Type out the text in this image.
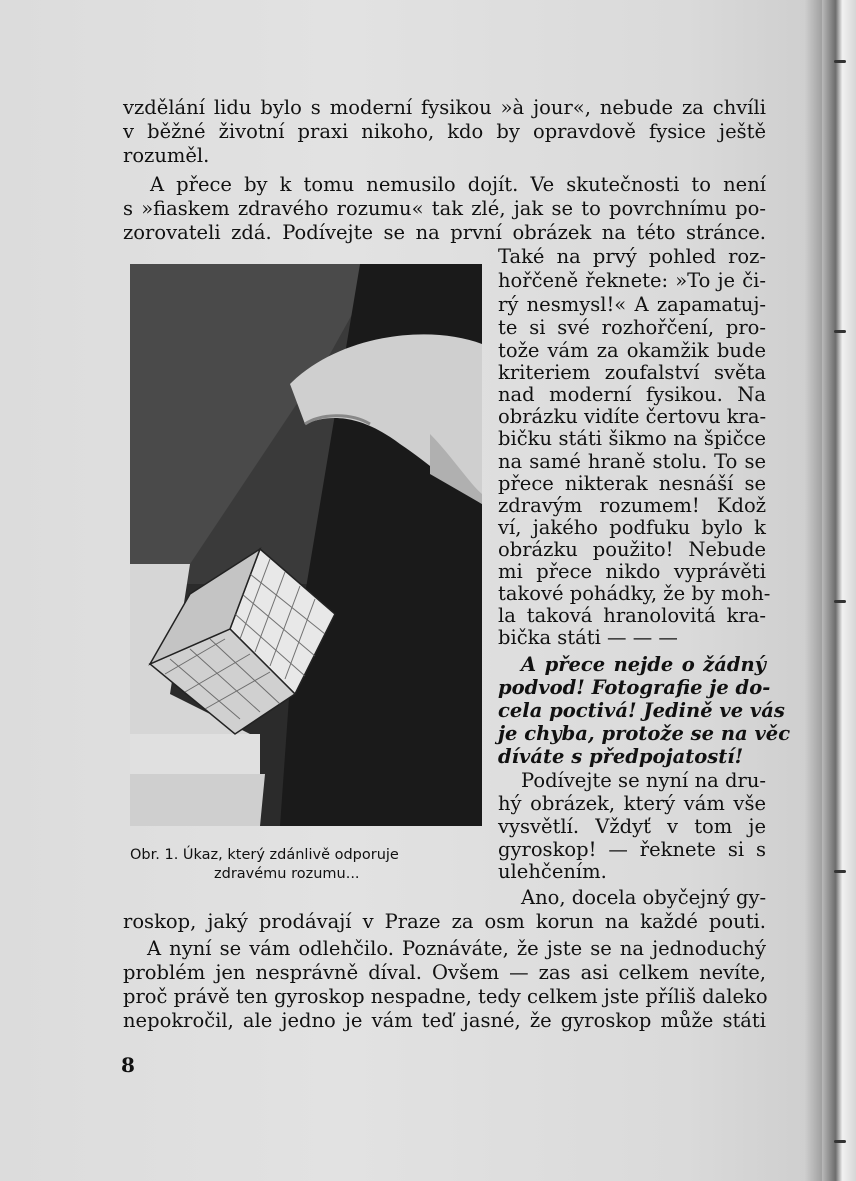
vzdělání lidu bylo s moderní fysikou »à jour«, nebude za chvíli
v běžné životní praxi nikoho, kdo by opravdově fysice ještě
rozuměl.
A přece by k tomu nemusilo dojít. Ve skutečnosti to není
s »fiaskem zdravého rozumu« tak zlé, jak se to povrchnímu po-
zorovateli zdá. Podívejte se na první obrázek na této stránce.
Obr. 1. Úkaz, který zdánlivě odporuje
zdravému rozumu...
Také na prvý pohled roz-
hořčeně řeknete: »To je či-
rý nesmysl!« A zapamatuj-
te si své rozhořčení, pro-
tože vám za okamžik bude
kriteriem zoufalství světa
nad moderní fysikou. Na
obrázku vidíte čertovu kra-
bičku státi šikmo na špičce
na samé hraně stolu. To se
přece nikterak nesnáší se
zdravým rozumem! Kdož
ví, jakého podfuku bylo k
obrázku použito! Nebude
mi přece nikdo vyprávěti
takové pohádky, že by moh-
la taková hranolovitá kra-
bička státi — — —
A přece nejde o žádný
podvod! Fotografie je do-
cela poctivá! Jedině ve vás
je chyba, protože se na věc
díváte s předpojatostí!
Podívejte se nyní na dru-
hý obrázek, který vám vše
vysvětlí. Vždyť v tom je
gyroskop! — řeknete si s
ulehčením.
Ano, docela obyčejný gy-
roskop, jaký prodávají v Praze za osm korun na každé pouti.
A nyní se vám odlehčilo. Poznáváte, že jste se na jednoduchý
problém jen nesprávně díval. Ovšem — zas asi celkem nevíte,
proč právě ten gyroskop nespadne, tedy celkem jste příliš daleko
nepokročil, ale jedno je vám teď jasné, že gyroskop může státi
8
